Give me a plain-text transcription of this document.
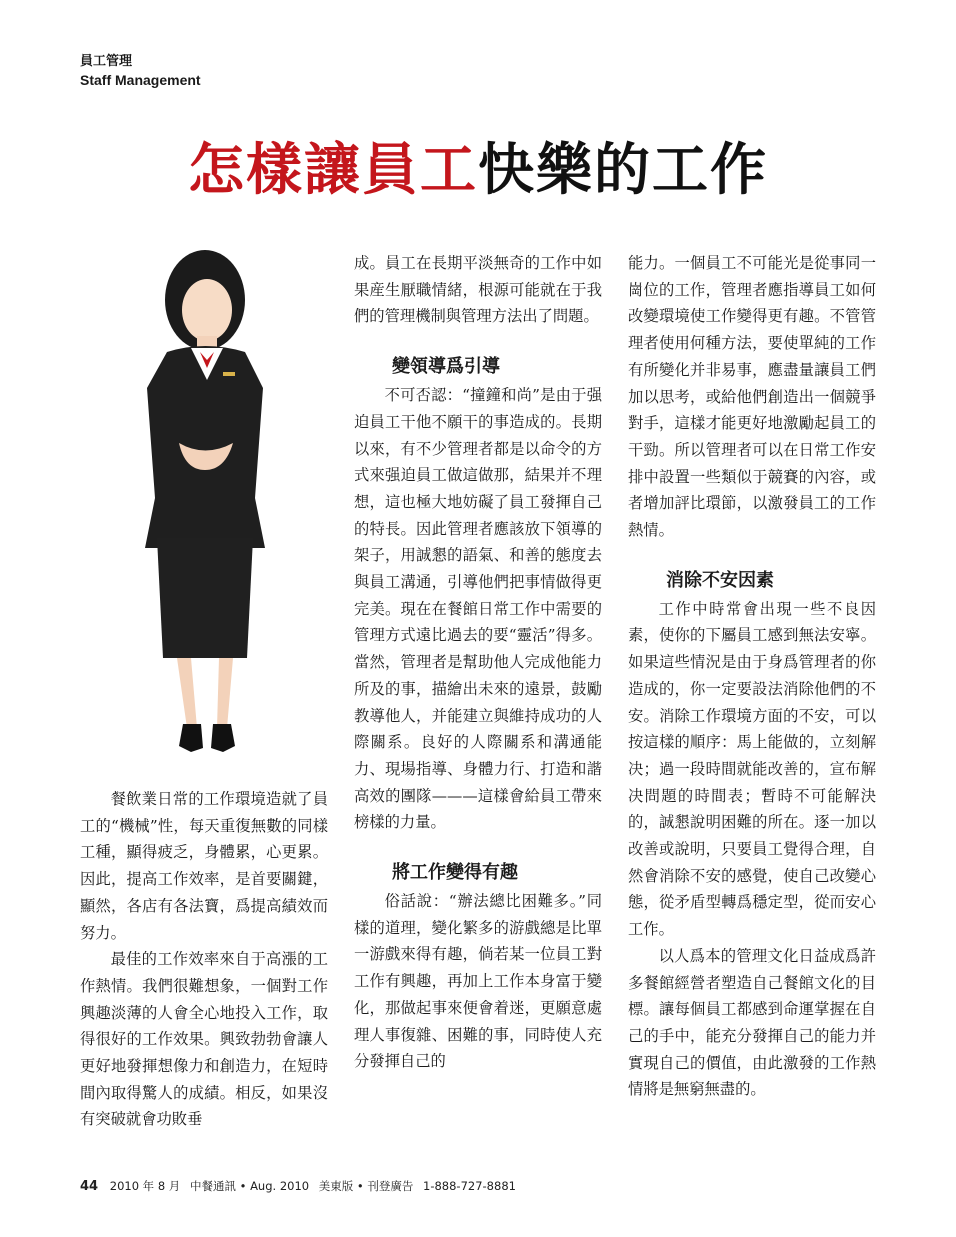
員工管理
Staff Management
怎樣讓員工快樂的工作

餐飲業日常的工作環境造就了員工的“機械”性，每天重復無數的同樣工種，顯得疲乏，身體累，心更累。因此，提高工作效率，是首要關鍵，顯然，各店有各法寶，爲提高績效而努力。

最佳的工作效率來自于高漲的工作熱情。我們很難想象，一個對工作興趣淡薄的人會全心地投入工作，取得很好的工作效果。興致勃勃會讓人更好地發揮想像力和創造力，在短時間內取得驚人的成績。相反，如果沒有突破就會功敗垂

成。員工在長期平淡無奇的工作中如果産生厭職情緒，根源可能就在于我們的管理機制與管理方法出了問題。

變領導爲引導

不可否認：“撞鐘和尚”是由于强迫員工干他不願干的事造成的。長期以來，有不少管理者都是以命令的方式來强迫員工做這做那，結果并不理想，這也極大地妨礙了員工發揮自己的特長。因此管理者應該放下領導的架子，用誠懇的語氣、和善的態度去與員工溝通，引導他們把事情做得更完美。現在在餐館日常工作中需要的管理方式遠比過去的要“靈活”得多。當然，管理者是幫助他人完成他能力所及的事，描繪出未來的遠景，鼓勵教導他人，并能建立與維持成功的人際關系。良好的人際關系和溝通能力、現場指導、身體力行、打造和諧高效的團隊———這樣會給員工帶來榜樣的力量。

將工作變得有趣

俗話說：“辦法總比困難多。”同樣的道理，變化繁多的游戲總是比單一游戲來得有趣，倘若某一位員工對工作有興趣，再加上工作本身富于變化，那做起事來便會着迷，更願意處理人事復雜、困難的事，同時使人充分發揮自己的

能力。一個員工不可能光是從事同一崗位的工作，管理者應指導員工如何改變環境使工作變得更有趣。不管管理者使用何種方法，要使單純的工作有所變化并非易事，應盡量讓員工們加以思考，或給他們創造出一個競爭對手，這樣才能更好地激勵起員工的干勁。所以管理者可以在日常工作安排中設置一些類似于競賽的內容，或者增加評比環節，以激發員工的工作熱情。

消除不安因素

工作中時常會出現一些不良因素，使你的下屬員工感到無法安寧。如果這些情況是由于身爲管理者的你造成的，你一定要設法消除他們的不安。消除工作環境方面的不安，可以按這樣的順序：馬上能做的，立刻解决；過一段時間就能改善的，宣布解决問題的時間表；暫時不可能解決的，誠懇說明困難的所在。逐一加以改善或說明，只要員工覺得合理，自然會消除不安的感覺，使自己改變心態，從矛盾型轉爲穩定型，從而安心工作。

以人爲本的管理文化日益成爲許多餐館經營者塑造自己餐館文化的目標。讓每個員工都感到命運掌握在自己的手中，能充分發揮自己的能力并實現自己的價值，由此激發的工作熱情將是無窮無盡的。

44 2010 年 8 月 中餐通訊 • Aug. 2010 美東版 • 刊登廣告 1-888-727-8881
